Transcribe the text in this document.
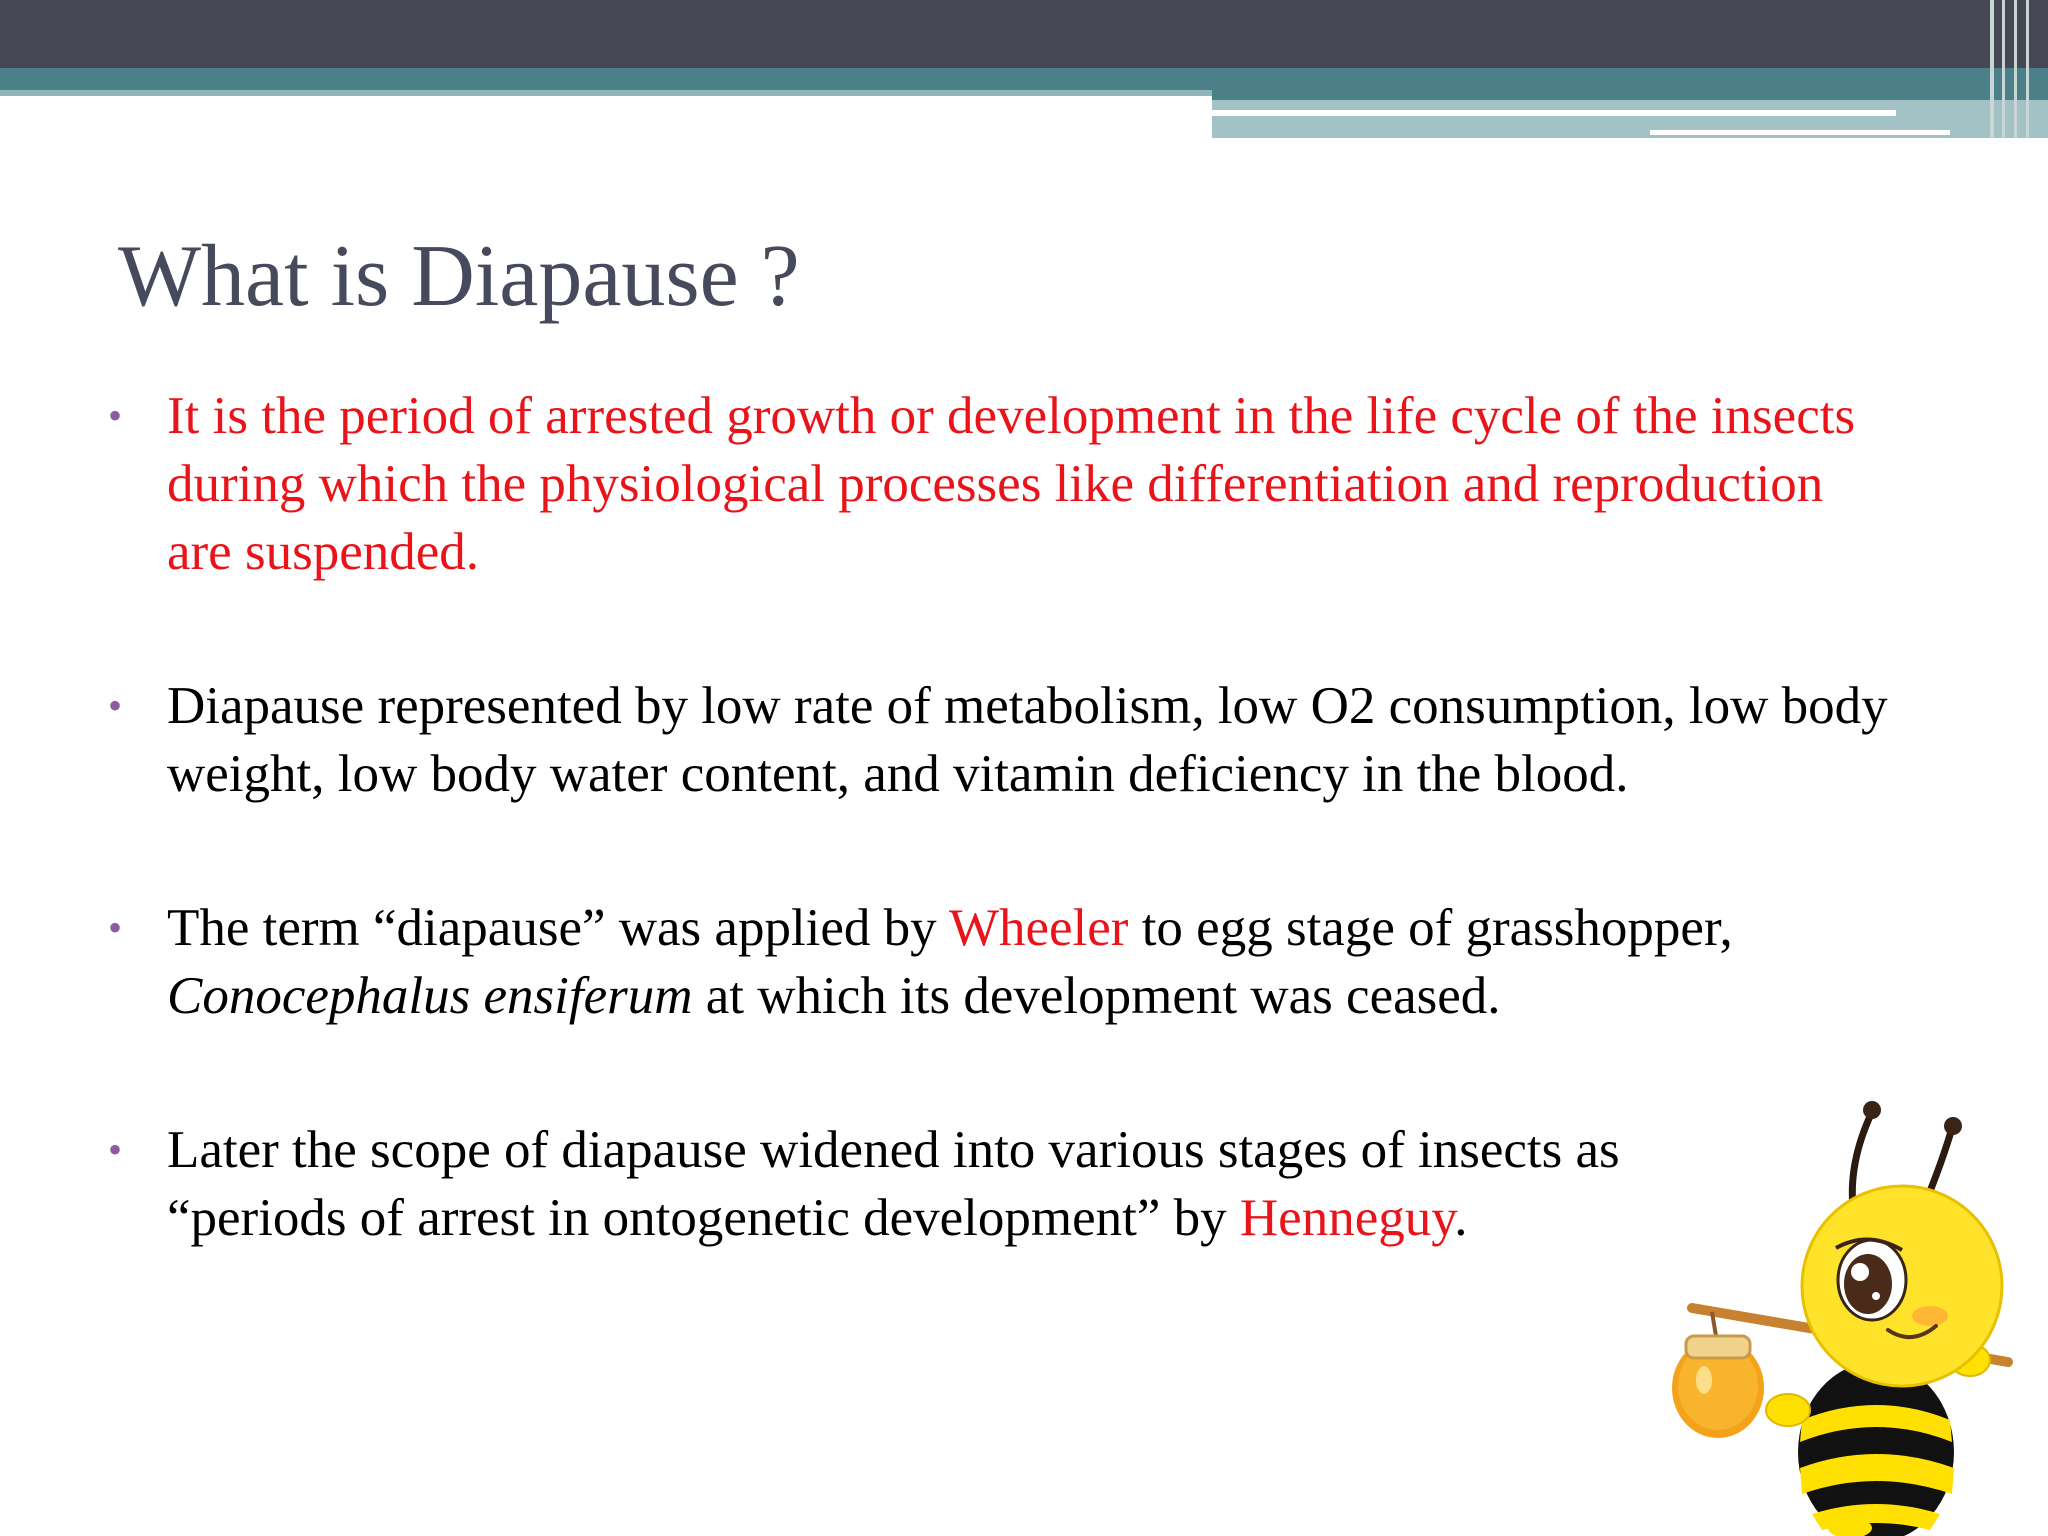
What is Diapause ?
• It is the period of arrested growth or development in the life cycle of the insects during which the physiological processes like differentiation and reproduction are suspended.
• Diapause represented by low rate of metabolism, low O2 consumption, low body weight, low body water content, and vitamin deficiency in the blood.
• The term “diapause” was applied by Wheeler to egg stage of grasshopper, Conocephalus ensiferum at which its development was ceased.
• Later the scope of diapause widened into various stages of insects as “periods of arrest in ontogenetic development” by Henneguy.
